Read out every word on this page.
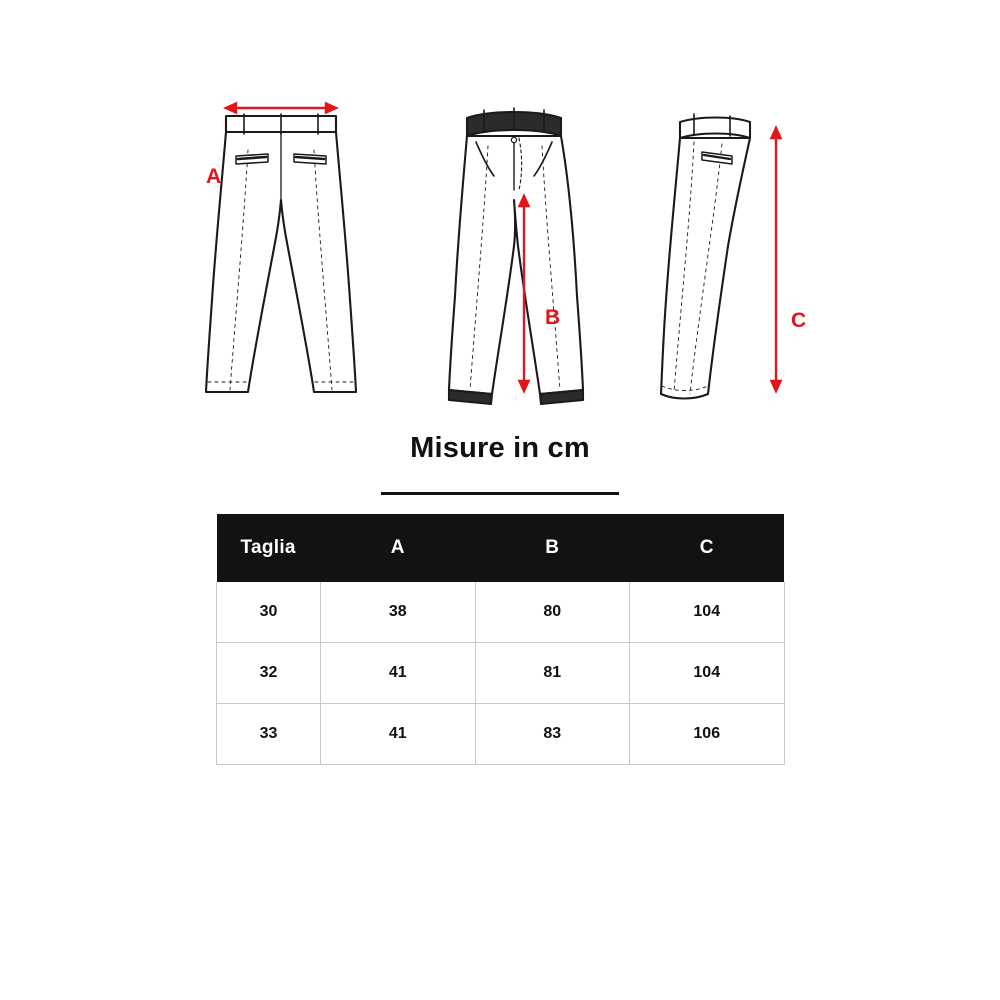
A
B	C
Misure in cm
Taglia	A	B	C
30	38	80	104
32	41	81	104
33	41	83	106
